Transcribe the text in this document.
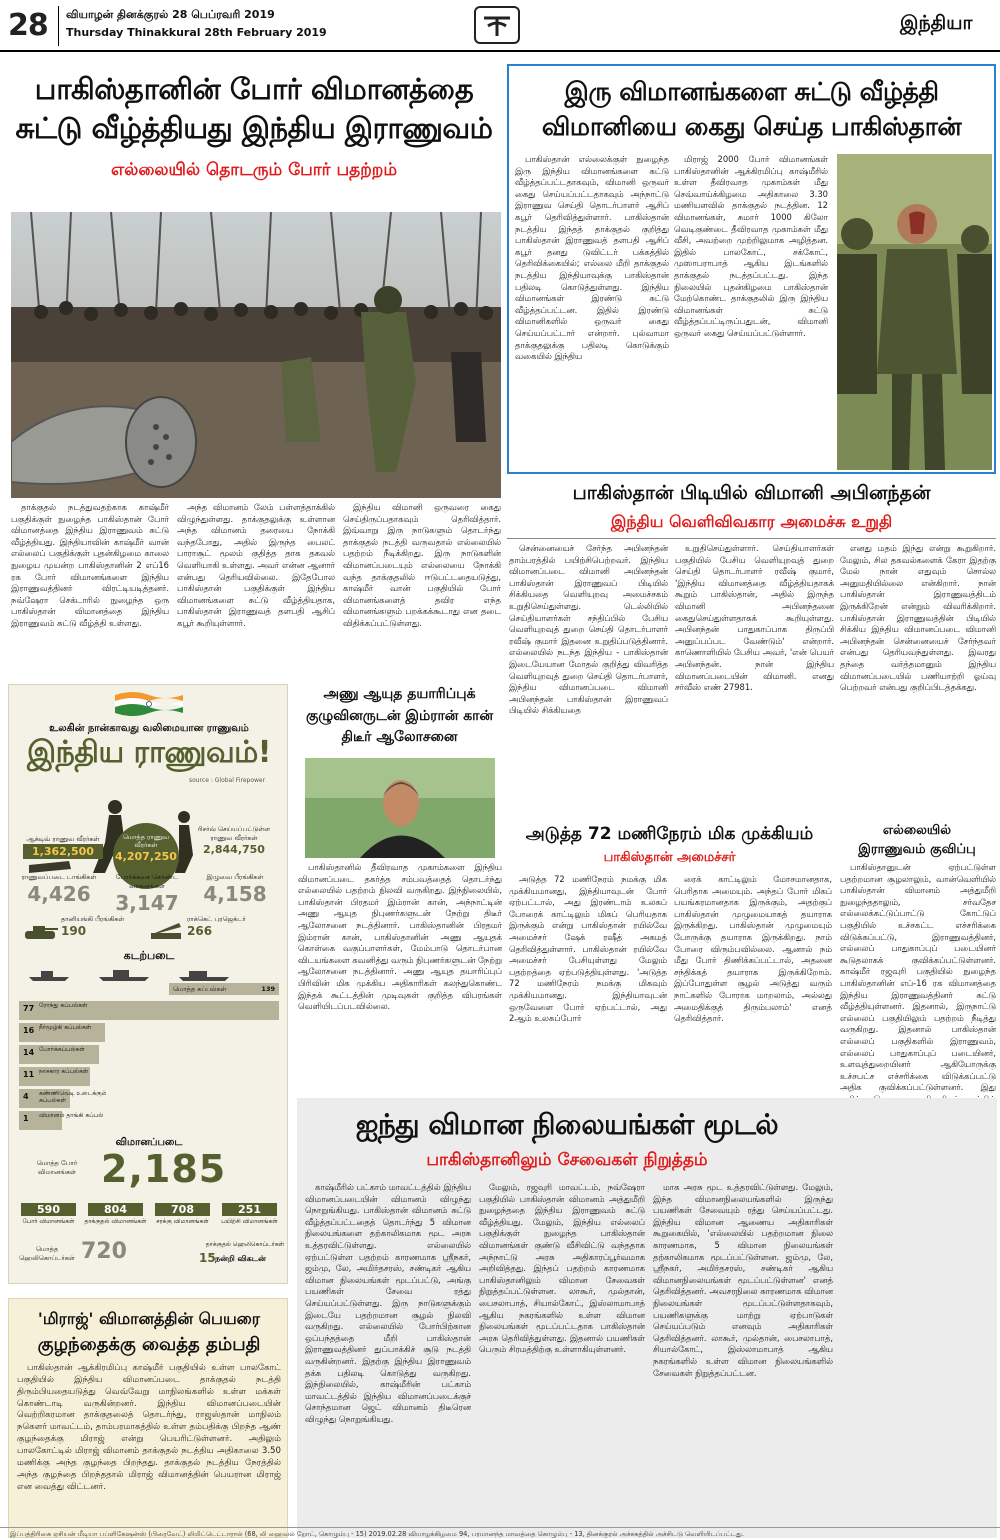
28 வியாழன் தினக்குரல் 28 பெப்ரவரி 2019
Thursday Thinakkural 28th February 2019	இந்தியா
பாகிஸ்தானின் போர் விமானத்தை
சுட்டு வீழ்த்தியது இந்திய இராணுவம்
எல்லையில் தொடரும் போர் பதற்றம்

தாக்குதல் நடத்துவதற்காக காஷ்மீர் பகுதிக்குள் நுழைந்த பாகிஸ்தான் போர் விமானத்தை இந்திய இராணுவம் சுட்டு வீழ்த்தியது. இந்தியாவின் காஷ்மீர் வான் எல்லைப் பகுதிக்குள் புதன்கிழமை காலை நுழைய முயன்ற பாகிஸ்தானின் 2 எப்16 ரக போர் விமானங்களை இந்திய இராணுவத்தினர் விரட்டியடித்தனர். நவ்ஷேரா செக்டாரில் நுழைந்த ஒரு பாகிஸ்தான் விமானத்தை இந்திய இராணுவம் சுட்டு வீழ்த்தி உள்ளது.

அந்த விமானம் லேம் பள்ளத்தாக்கில் விழுந்துள்ளது. தாக்குதலுக்கு உள்ளான அந்த விமானம் தரையை நோக்கி வந்தபோது, அதில் இருந்த பைலட் பாராசூட் மூலம் குதித்த தாக தகவல் வெளியாகி உள்ளது. அவர் என்ன ஆனார் என்பது தெரியவில்லை. இதேபோல பாகிஸ்தான் பகுதிக்குள் இந்திய விமானங்களை சுட்டு வீழ்த்தியதாக, பாகிஸ்தான் இராணுவத் தளபதி ஆசிப் கபூர் கூறியுள்ளார்.

இந்திய விமானி ஒருவரை கைது செய்திருப்பதாகவும் தெரிவித்தார். இவ்வாறு இரு நாடுகளும் தொடர்ந்து தாக்குதல் நடத்தி வருவதால் எல்லையில் பதற்றம் நீடிக்கிறது. இரு நாடுகளின் விமானப்படையும் எல்லையை நோக்கி வந்த தாக்குதலில் ஈடுபட்டதையடுத்து, காஷ்மீர் வான் பகுதியில் போர் விமானங்களைத் தவிர எந்த விமானங்களும் பறக்கக்கூடாது என தடை விதிக்கப்பட்டுள்ளது.

இரு விமானங்களை சுட்டு வீழ்த்தி
விமானியை கைது செய்த பாகிஸ்தான்

பாகிஸ்தான் எல்லைக்குள் நுழைந்த இரு இந்திய விமானங்களை சுட்டு வீழ்த்தப்பட்டதாகவும், விமானி ஒருவர் கைது செய்யப்பட்டதாகவும் அந்நாட்டு இராணுவ செய்தி தொடர்பாளர் ஆசிப் கபூர் தெரிவித்துள்ளார். பாகிஸ்தான் நடத்திய இந்தத் தாக்குதல் குறித்து பாகிஸ்தான் இராணுவத் தளபதி ஆசிப் கபூர் தனது டுவிட்டர் பக்கத்தில் தெரிவிக்கையில்; எல்லை மீறி தாக்குதல் நடத்திய இந்தியாவுக்கு பாகிஸ்தான் பதிலடி கொடுத்துள்ளது. இந்திய விமானங்கள் இரண்டு சுட்டு வீழ்த்தப்பட்டன. இதில் இரண்டு விமானிகளில் ஒருவர் கைது செய்யப்பட்டார் என்றார். புல்வாமா தாக்குதலுக்கு பதிலடி கொடுக்கும் வகையில் இந்திய

மிராஜ் 2000 போர் விமானங்கள் பாகிஸ்தானின் ஆக்கிரமிப்பு காஷ்மீரில் உள்ள தீவிரவாத முகாம்கள் மீது செவ்வாய்க்கிழமை அதிகாலை 3.30 மணியளவில் தாக்குதல் நடத்தின. 12 விமானங்கள், சுமார் 1000 கிலோ வெடிகுண்டை தீவிரவாத முகாம்கள் மீது வீசி, அவற்றை முற்றிலுமாக அழித்தன. இதில் பாலகோட், சக்கோட், முஸாபராபாத் ஆகிய இடங்களில் தாக்குதல் நடத்தப்பட்டது. இந்த நிலையில் புதன்கிழமை பாகிஸ்தான் மேற்கொண்ட தாக்குதலில் இரு இந்திய விமானங்கள் சுட்டு வீழ்த்தப்பட்டிருப்பதுடன், விமானி ஒருவர் கைது செய்யப்பட்டுள்ளார்.

பாகிஸ்தான் பிடியில் விமானி அபினந்தன்
இந்திய வெளிவிவகார அமைச்சு உறுதி

சென்னையைச் சேர்ந்த அபினந்தன் தாம்பரத்தில் பயிற்சிபெற்றவர். இந்திய விமானப்படை விமானி அபினந்தன் பாகிஸ்தான் இராணுவப் பிடியில் சிக்கியதை வெளியுறவு அமைச்சகம் உறுதிசெய்துள்ளது. டெல்லியில் செய்தியாளர்கள் சந்திப்பில் பேசிய வெளியுறவுத் துறை செய்தி தொடர்பாளர் ரவீஷ் குமார் இதனை உறுதிப்படுத்தினார். எல்லையில் நடந்த இந்திய - பாகிஸ்தான் இடையேயான மோதல் குறித்து விவரித்த வெளியுறவுத் துறை செய்தி தொடர்பாளர், இந்திய விமானப்படை விமானி அபினந்தன் பாகிஸ்தான் இராணுவப் பிடியில் சிக்கியதை

உறுதிசெய்துள்ளார். செய்தியாளர்கள் பகுதியில் பேசிய வெளியுறவுத் துறை செய்தி தொடர்பாளர் ரவீஷ் குமார், 'இந்திய விமானத்தை வீழ்த்தியதாகக் கூறும் பாகிஸ்தான், அதில் இருந்த விமானி அபினந்தனை கைதுசெய்துள்ளதாகக் கூறியுள்ளது. அபினந்தன் பாதுகாப்பாக திருப்பி அனுப்பப்பட வேண்டும்' என்றார். காணொளியில் பேசிய அவர், 'என் பெயர் அபினந்தன். நான் இந்திய விமானப்படையின் விமானி. எனது சர்வீஸ் எண் 27981.

எனது மதம் இந்து என்று கூறுகிறார். மேலும், சில தகவல்களைக் கேரா இதற்கு மேல் நான் எதுவும் சொல்ல அனுமதியில்லை என்கிறார். நான் பாகிஸ்தான் இராணுவத்திடம் இருக்கிறேன் என்றும் விவரிக்கிறார். பாகிஸ்தான் இராணுவத்தின் பிடியில் சிக்கிய இந்திய விமானப்படை விமானி அபினந்தன் சென்னையைச் சேர்ந்தவர் என்பது தெரியவந்துள்ளது. இவரது தந்தை வர்த்தமானும் இந்திய விமானப்படையில் பணியாற்றி ஓய்வு பெற்றவர் என்பது குறிப்பிடத்தக்கது.

அணு ஆயுத தயாரிப்புக் குழுவினருடன் இம்ரான் கான் திடீர் ஆலோசனை

பாகிஸ்தானில் தீவிரவாத முகாம்களை இந்திய விமானப்படை தகர்த்த சம்பவத்தைத் தொடர்ந்து எல்லையில் பதற்றம் நிலவி வருகிறது. இந்நிலையில், பாகிஸ்தான் பிரதமர் இம்ரான் கான், அந்நாட்டின் அணு ஆயுத நிபுணர்களுடன் நேற்று திடீர் ஆலோசனை நடத்தினார். பாகிஸ்தானின் பிரதமர் இம்ரான் கான், பாகிஸ்தானின் அணு ஆயுதக் கொள்கை வகுப்பாளர்கள், மேம்பாடு தொடர்பான விடயங்களை கவனித்து வரும் நிபுணர்களுடன் நேற்று ஆலோசனை நடத்தினார். அணு ஆயுத தயாரிப்புப் பிரிவின் மிக முக்கிய அதிகாரிகள் கலந்துகொண்ட இந்தக் கூட்டத்தின் முடிவுகள் குறித்த விபரங்கள் வெளியிடப்படவில்லை.

அடுத்த 72 மணிநேரம் மிக முக்கியம்
பாகிஸ்தான் அமைச்சர்

அடுத்த 72 மணிநேரம் நமக்கு மிக முக்கியமானது, இந்தியாவுடன் போர் ஏற்பட்டால், அது இரண்டாம் உலகப் போரைக் காட்டிலும் மிகப் பெரியதாக இருக்கும் என்று பாகிஸ்தான் ரயில்வே அமைச்சர் ஷேக் ரஷீத் அகமத் தெரிவித்துள்ளார். பாகிஸ்தான் ரயில்வே அமைச்சர் பேசியுள்ளது மேலும் பதற்றத்தை ஏற்படுத்தியுள்ளது. 'அடுத்த 72 மணிநேரம் நமக்கு மிகவும் முக்கியமானது. இந்தியாவுடன் ஒருவேளை போர் ஏற்பட்டால், அது 2ஆம் உலகப்போர்

ரைக் காட்டிலும் மோசமானதாக, பெரிதாக அமையும். அந்தப் போர் மிகப் பயங்கரமானதாக இருக்கும், அதற்குப் பாகிஸ்தான் முழுமையாகத் தயாராக இருக்கிறது. பாகிஸ்தான் முழுமையும் போருக்கு தயாராக இருக்கிறது. நாம் போரை விரும்பவில்லை. ஆனால் நம் மீது போர் திணிக்கப்பட்டால், அதனை சந்திக்கத் தயாராக இருக்கிறோம். இப்போதுள்ள சூழல் அடுத்து வரும் நாட்களில் போராக மாறலாம், அல்லது அமைதிக்குத் திரும்பலாம்' எனத் தெரிவித்தார்.

எல்லையில்
இராணுவம் குவிப்பு

பாகிஸ்தானுடன் ஏற்பட்டுள்ள பதற்றமான சூழலாலும், வான்வெளியில் பாகிஸ்தான் விமானம் அத்துமீறி நுழைந்ததாலும், சர்வதேச எல்லைக்கட்டுப்பாட்டு கோட்டுப் பகுதியில் உச்சகட்ட எச்சரிக்கை விடுக்கப்பட்டு, இராணுவத்தினர், எல்லைப் பாதுகாப்புப் படையினர் கூடுதலாகக் குவிக்கப்பட்டுள்ளனர். காஷ்மீர் ரஜவுரி பகுதியில் நுழைந்த பாகிஸ்தானின் எப்-16 ரக விமானத்தை இந்திய இராணுவத்தினர் சுட்டு வீழ்த்தியுள்ளனர். இதனால், இருநாட்டு எல்லைப் பகுதியிலும் பதற்றம் நீடித்து வருகிறது. இதனால் பாகிஸ்தான் எல்லைப் பகுதிகளில் இராணுவம், எல்லைப் பாதுகாப்புப் படையினர், உளவுத்துறையினர் ஆகியோருக்கு உச்சபட்ச எச்சரிக்கை விடுக்கப்பட்டு அதிக குவிக்கப்பட்டுள்ளனர். இது

ஐந்து விமான நிலையங்கள் மூடல்
பாகிஸ்தானிலும் சேவைகள் நிறுத்தம்

காஷ்மீரில் பட்காம் மாவட்டத்தில் இந்திய விமானப்படையின் விமானம் விழுந்து நொறுங்கியது. பாகிஸ்தான் விமானம் சுட்டு வீழ்த்தப்பட்டதைத் தொடர்ந்து 5 விமான நிலையங்களை தற்காலிகமாக மூட அரசு உத்தரவிட்டுள்ளது. எல்லையில் ஏற்பட்டுள்ள பதற்றம் காரணமாக ஸ்ரீநகர், ஜம்மு, லே, அமிர்தசரஸ், சண்டிகர் ஆகிய விமான நிலையங்கள் மூடப்பட்டு, அங்கு பயணிகள் சேவை ரத்து செய்யப்பட்டுள்ளது. இரு நாடுகளுக்கும் இடையே பதற்றமான சூழல் நிலவி வருகிறது. எல்லையில் போர்பிற்கான ஒப்பந்தத்தை மீறி பாகிஸ்தான் இராணுவத்தினர் துப்பாக்கிச் சூடு நடத்தி வருகின்றனர். இதற்கு இந்திய இராணுவம் தக்க பதிலடி கொடுத்து வருகிறது. இந்நிலையில், காஷ்மீரின் பட்காம் மாவட்டத்தில் இந்திய விமானப்படைக்குச் சொந்தமான ஜெட் விமானம் திடீரென விழுந்து நொறுங்கியது.

மேலும், ரஜவுரி மாவட்டம், நவ்ஷேரா பகுதியில் பாகிஸ்தான் விமானம் அத்துமீறி நுழைந்ததை இந்திய இராணுவம் சுட்டு வீழ்த்தியது. மேலும், இந்திய எல்லைப் பகுதிக்குள் நுழைந்த பாகிஸ்தான் விமானங்கள் குண்டு வீசிவிட்டு வந்ததாக அந்நாட்டு அரசு அதிகாரப்பூர்வமாக அறிவித்தது. இந்தப் பதற்றம் காரணமாக பாகிஸ்தானிலும் விமான சேவைகள் நிறுத்தப்பட்டுள்ளன. லாகூர், முல்தான், பைசலாபாத், சியால்கோட், இஸ்லாமாபாத் ஆகிய நகரங்களில் உள்ள விமான நிலையங்கள் மூடப்பட்டதாக பாகிஸ்தான் அரசு தெரிவித்துள்ளது. இதனால் பயணிகள் பெரும் சிரமத்திற்கு உள்ளாகியுள்ளனர்.

மாக அரசு மூட உத்தரவிட்டுள்ளது. மேலும், இந்த விமானநிலையங்களில் இருந்து பயணிகள் சேவையும் ரத்து செய்யப்பட்டது. இந்திய விமான ஆணைய அதிகாரிகள் கூறுகையில், 'எல்லையில் பதற்றமான நிலை காரணமாக, 5 விமான நிலையங்கள் தற்காலிகமாக மூடப்பட்டுள்ளன. ஜம்மு, லே, ஸ்ரீநகர், அமிர்தசரஸ், சண்டிகர் ஆகிய விமானநிலையங்கள் மூடப்பட்டுள்ளன' எனத் தெரிவித்தனர். அவசரநிலை காரணமாக விமான நிலையங்கள் மூடப்பட்டுள்ளதாகவும், பயணிகளுக்கு மாற்று ஏற்பாடுகள் செய்யப்படும் எனவும் அதிகாரிகள் தெரிவித்தனர். லாகூர், முல்தான், பைசலாபாத், சியால்கோட், இஸ்லாமாபாத் ஆகிய நகரங்களில் உள்ள விமான நிலையங்களில் சேவைகள் நிறுத்தப்பட்டன.

உலகின் நான்காவது வலிமையான ராணுவம்
இந்திய ராணுவம்!
source : Global Firepower
மொத்த ராணுவ வீரர்கள்
4,207,250
ரிசர்வ் செய்யப்பட்டுள்ள ராணுவ வீரர்கள்
2,844,750
ஆக்டிவ் ராணுவ வீரர்கள்
1,362,500
ராணுவப்படை டாங்கிகள்
4,426
போர்க்கவச கொண்ட வாகனங்கள்
3,147
இழுவை பீரங்கிகள்
4,158
தானியங்கி பீரங்கிகள்
190
ராக்கெட் புரஜெக்டர்
266
கடற்படை
மொத்த கப்பல்கள்	139
77 ரோந்து கப்பல்கள்
16 நீர்மூழ்கி கப்பல்கள்
14 போர்க்கப்பல்கள்
11 நாசகார கப்பல்கள்
4 கண்ணிவெடி உடைக்கும் கப்பல்கள்
1 விமானம் தாங்கி கப்பல்
விமானப்படை
மொத்த போர் விமானங்கள் 2,185
590
போர் விமானங்கள்
804
தாக்குதல் விமானங்கள்
708
சரக்கு விமானங்கள்
251
பயிற்சி விமானங்கள்
மொத்த ஹெலிகொப்டர்கள் 720	தாக்குதல் ஹெலிகொப்டர்கள்
15 நன்றி விகடன்
'மிராஜ்' விமானத்தின் பெயரை
குழந்தைக்கு வைத்த தம்பதி

பாகிஸ்தான் ஆக்கிரமிப்பு காஷ்மீர் பகுதியில் உள்ள பாலகோட் பகுதியில் இந்திய விமானப்படை தாக்குதல் நடத்தி திரும்பியதையடுத்து வெவ்வேறு மாநிலங்களில் உள்ள மக்கள் கொண்டாடி வருகின்றனர். இந்திய விமானப்படையின் வெற்றிகரமான தாக்குதலைத் தொடர்ந்து, ராஜஸ்தான் மாநிலம் நகௌர் மாவட்டம், தாம்பரமாகத்தில் உள்ள தம்பதிக்கு பிறந்த ஆண் குழந்தைக்கு மிராஜ் என்று பெயரிட்டுள்ளனர். அதிலும் பாலகோட்டில் மிராஜ் விமானம் தாக்குதல் நடத்திய அதிகாலை 3.50 மணிக்கு அந்த குழந்தை பிறந்தது. தாக்குதல் நடத்திய நேரத்தில் அந்த குழந்தை பிறந்ததால் மிராஜ் விமானத்தின் பெயரான மிராஜ் என வைத்து விட்டனர்.

இப்பத்திரிகை ஏசியன் மீடியா பப்ளிகேஷன்ஸ் (பிரைவேட்) லிமிட்டெட்டாரால் (68, லி ஹைவல் றோட், கொழும்பு - 15) 2019.02.28 வியாழக்கிழமை 94, பரமானந்த மாவத்தை கொழும்பு - 13, தினக்குரல் அச்சகத்தில் அச்சிடடு வெளியிடப்பட்டது.
